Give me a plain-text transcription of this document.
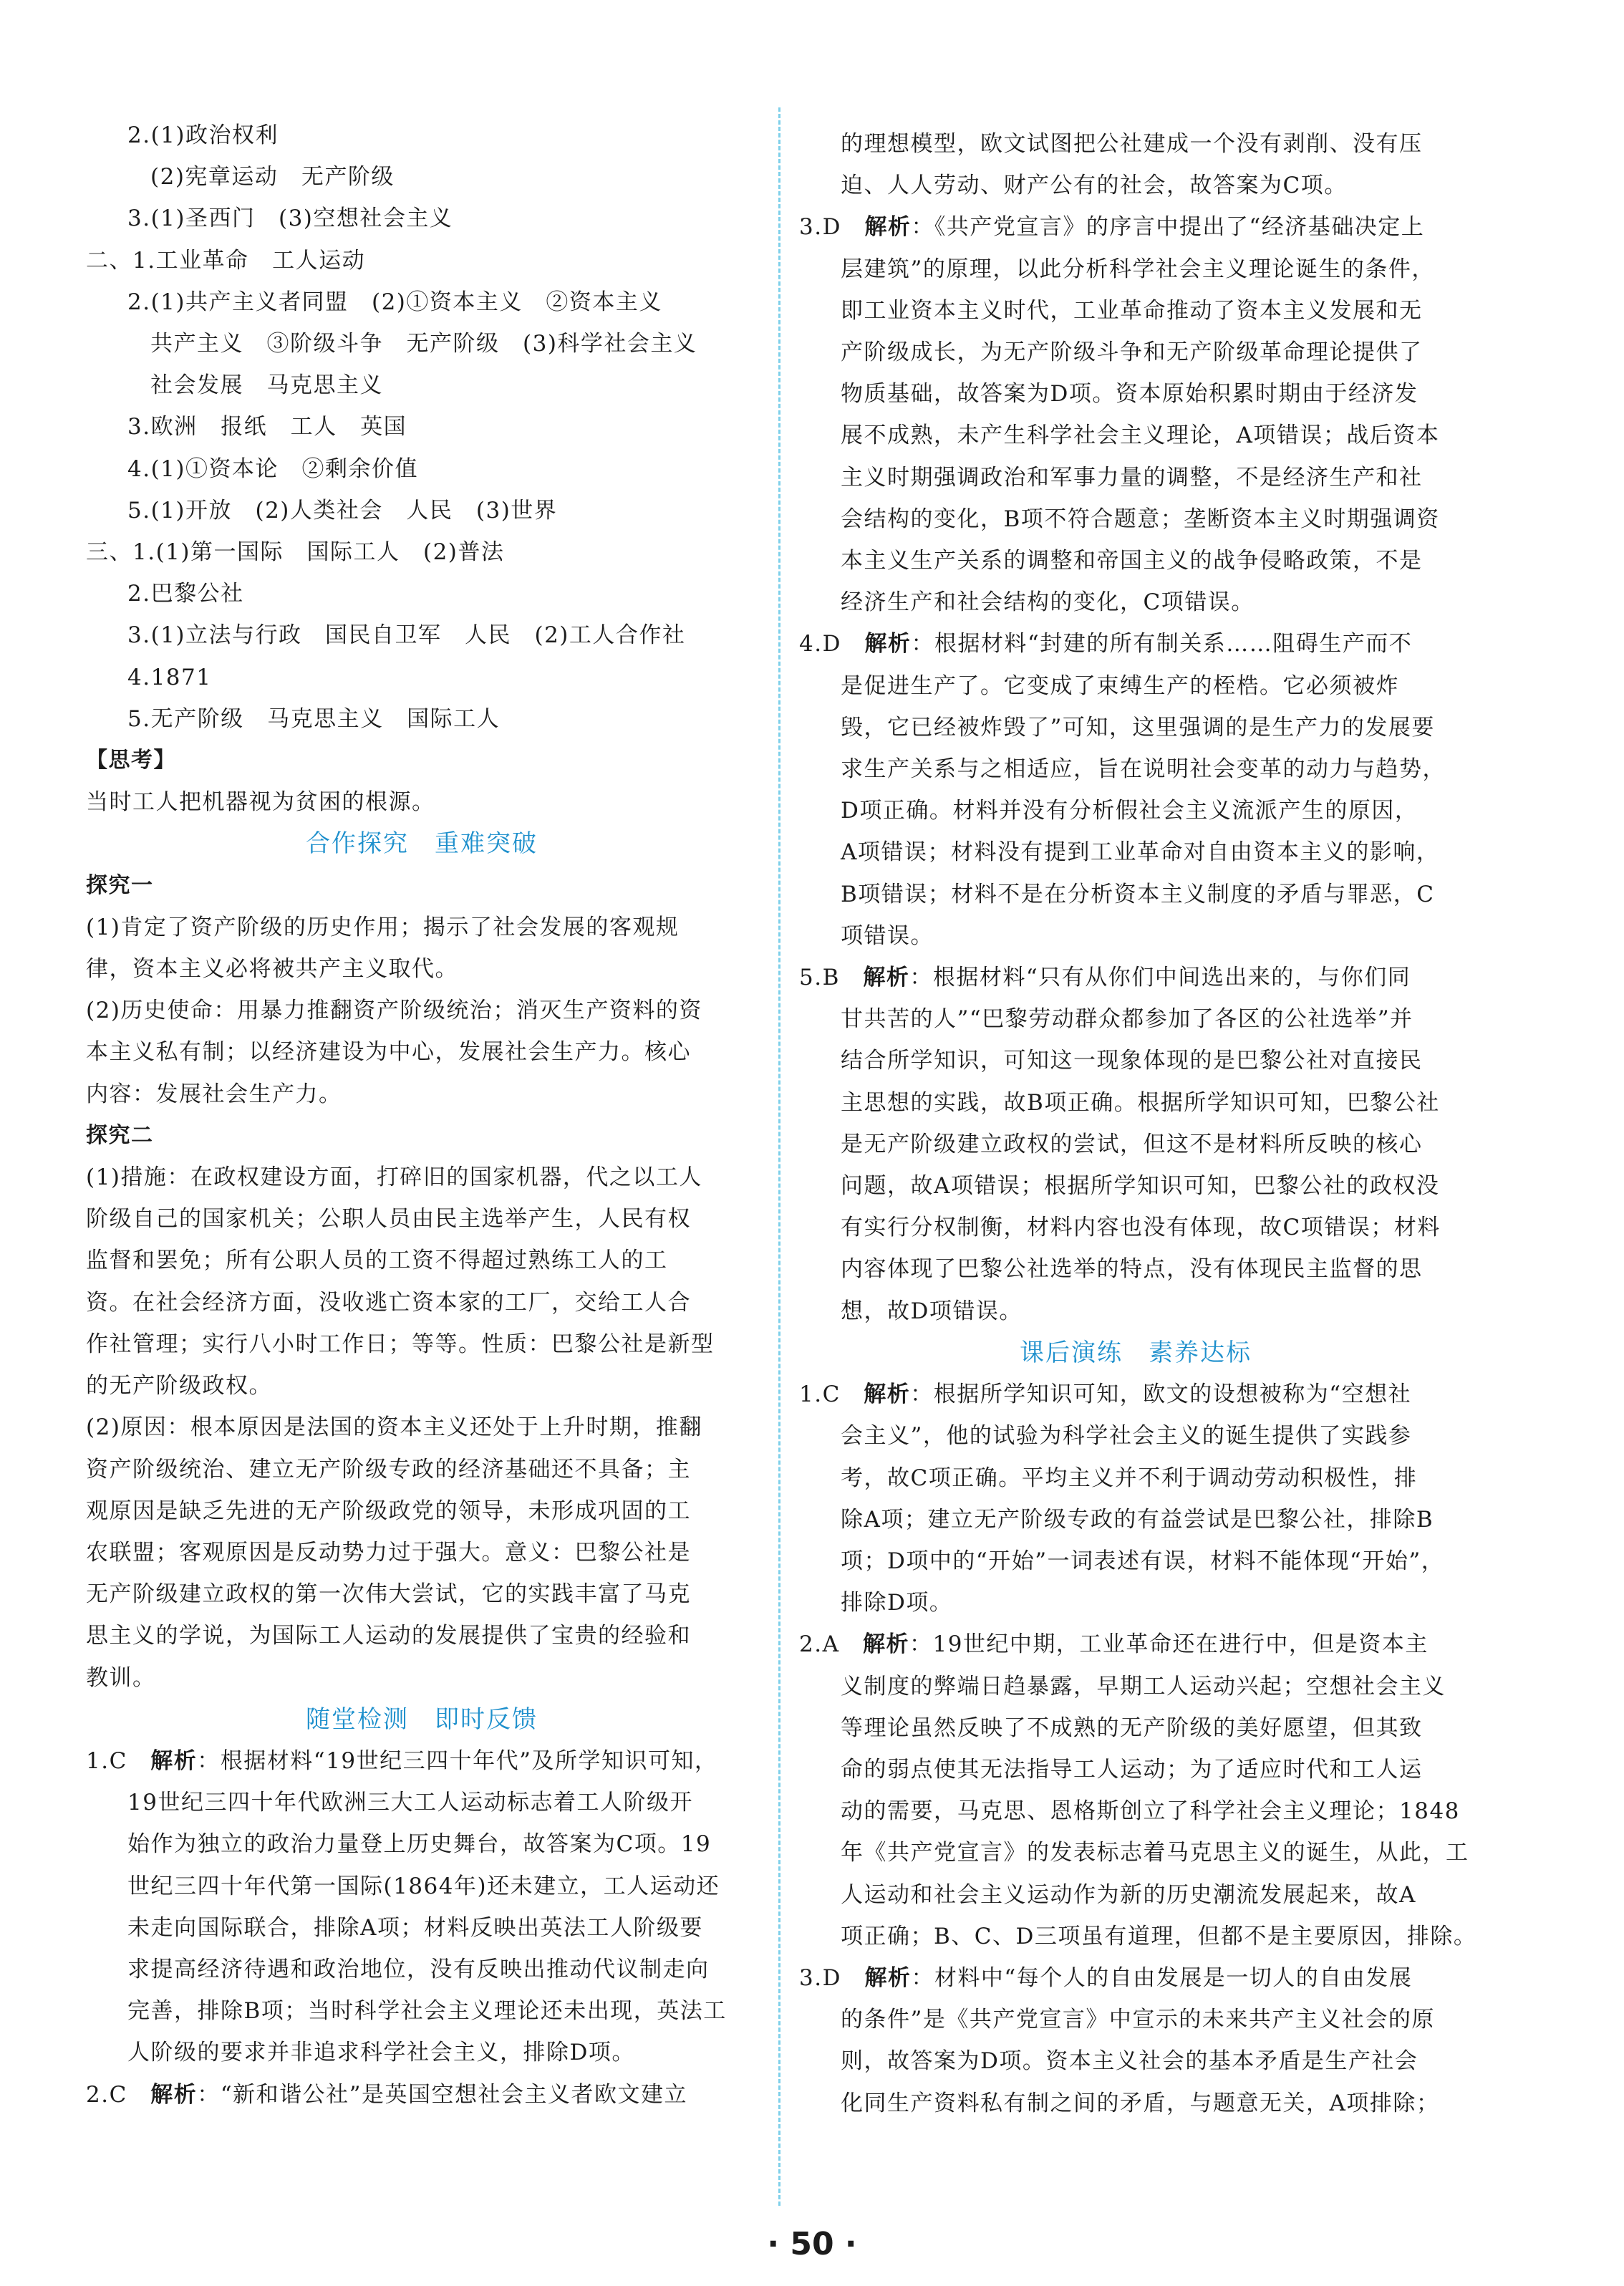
2.(1)政治权利
(2)宪章运动　无产阶级
3.(1)圣西门　(3)空想社会主义
二、1.工业革命　工人运动
2.(1)共产主义者同盟　(2)①资本主义　②资本主义
共产主义　③阶级斗争　无产阶级　(3)科学社会主义
社会发展　马克思主义
3.欧洲　报纸　工人　英国
4.(1)①资本论　②剩余价值
5.(1)开放　(2)人类社会　人民　(3)世界
三、1.(1)第一国际　国际工人　(2)普法
2.巴黎公社
3.(1)立法与行政　国民自卫军　人民　(2)工人合作社
4.1871
5.无产阶级　马克思主义　国际工人
【思考】
当时工人把机器视为贫困的根源。
合作探究　重难突破
探究一
(1)肯定了资产阶级的历史作用；揭示了社会发展的客观规
律，资本主义必将被共产主义取代。
(2)历史使命：用暴力推翻资产阶级统治；消灭生产资料的资
本主义私有制；以经济建设为中心，发展社会生产力。核心
内容：发展社会生产力。
探究二
(1)措施：在政权建设方面，打碎旧的国家机器，代之以工人
阶级自己的国家机关；公职人员由民主选举产生，人民有权
监督和罢免；所有公职人员的工资不得超过熟练工人的工
资。在社会经济方面，没收逃亡资本家的工厂，交给工人合
作社管理；实行八小时工作日；等等。性质：巴黎公社是新型
的无产阶级政权。
(2)原因：根本原因是法国的资本主义还处于上升时期，推翻
资产阶级统治、建立无产阶级专政的经济基础还不具备；主
观原因是缺乏先进的无产阶级政党的领导，未形成巩固的工
农联盟；客观原因是反动势力过于强大。意义：巴黎公社是
无产阶级建立政权的第一次伟大尝试，它的实践丰富了马克
思主义的学说，为国际工人运动的发展提供了宝贵的经验和
教训。
随堂检测　即时反馈
1.C　解析：根据材料“19世纪三四十年代”及所学知识可知，
19世纪三四十年代欧洲三大工人运动标志着工人阶级开
始作为独立的政治力量登上历史舞台，故答案为C项。19
世纪三四十年代第一国际(1864年)还未建立，工人运动还
未走向国际联合，排除A项；材料反映出英法工人阶级要
求提高经济待遇和政治地位，没有反映出推动代议制走向
完善，排除B项；当时科学社会主义理论还未出现，英法工
人阶级的要求并非追求科学社会主义，排除D项。
2.C　解析：“新和谐公社”是英国空想社会主义者欧文建立
的理想模型，欧文试图把公社建成一个没有剥削、没有压
迫、人人劳动、财产公有的社会，故答案为C项。
3.D　解析：《共产党宣言》的序言中提出了“经济基础决定上
层建筑”的原理，以此分析科学社会主义理论诞生的条件，
即工业资本主义时代，工业革命推动了资本主义发展和无
产阶级成长，为无产阶级斗争和无产阶级革命理论提供了
物质基础，故答案为D项。资本原始积累时期由于经济发
展不成熟，未产生科学社会主义理论，A项错误；战后资本
主义时期强调政治和军事力量的调整，不是经济生产和社
会结构的变化，B项不符合题意；垄断资本主义时期强调资
本主义生产关系的调整和帝国主义的战争侵略政策，不是
经济生产和社会结构的变化，C项错误。
4.D　解析：根据材料“封建的所有制关系……阻碍生产而不
是促进生产了。它变成了束缚生产的桎梏。它必须被炸
毁，它已经被炸毁了”可知，这里强调的是生产力的发展要
求生产关系与之相适应，旨在说明社会变革的动力与趋势，
D项正确。材料并没有分析假社会主义流派产生的原因，
A项错误；材料没有提到工业革命对自由资本主义的影响，
B项错误；材料不是在分析资本主义制度的矛盾与罪恶，C
项错误。
5.B　解析：根据材料“只有从你们中间选出来的，与你们同
甘共苦的人”“巴黎劳动群众都参加了各区的公社选举”并
结合所学知识，可知这一现象体现的是巴黎公社对直接民
主思想的实践，故B项正确。根据所学知识可知，巴黎公社
是无产阶级建立政权的尝试，但这不是材料所反映的核心
问题，故A项错误；根据所学知识可知，巴黎公社的政权没
有实行分权制衡，材料内容也没有体现，故C项错误；材料
内容体现了巴黎公社选举的特点，没有体现民主监督的思
想，故D项错误。
课后演练　素养达标
1.C　解析：根据所学知识可知，欧文的设想被称为“空想社
会主义”，他的试验为科学社会主义的诞生提供了实践参
考，故C项正确。平均主义并不利于调动劳动积极性，排
除A项；建立无产阶级专政的有益尝试是巴黎公社，排除B
项；D项中的“开始”一词表述有误，材料不能体现“开始”，
排除D项。
2.A　解析：19世纪中期，工业革命还在进行中，但是资本主
义制度的弊端日趋暴露，早期工人运动兴起；空想社会主义
等理论虽然反映了不成熟的无产阶级的美好愿望，但其致
命的弱点使其无法指导工人运动；为了适应时代和工人运
动的需要，马克思、恩格斯创立了科学社会主义理论；1848
年《共产党宣言》的发表标志着马克思主义的诞生，从此，工
人运动和社会主义运动作为新的历史潮流发展起来，故A
项正确；B、C、D三项虽有道理，但都不是主要原因，排除。
3.D　解析：材料中“每个人的自由发展是一切人的自由发展
的条件”是《共产党宣言》中宣示的未来共产主义社会的原
则，故答案为D项。资本主义社会的基本矛盾是生产社会
化同生产资料私有制之间的矛盾，与题意无关，A项排除；
· 50 ·
